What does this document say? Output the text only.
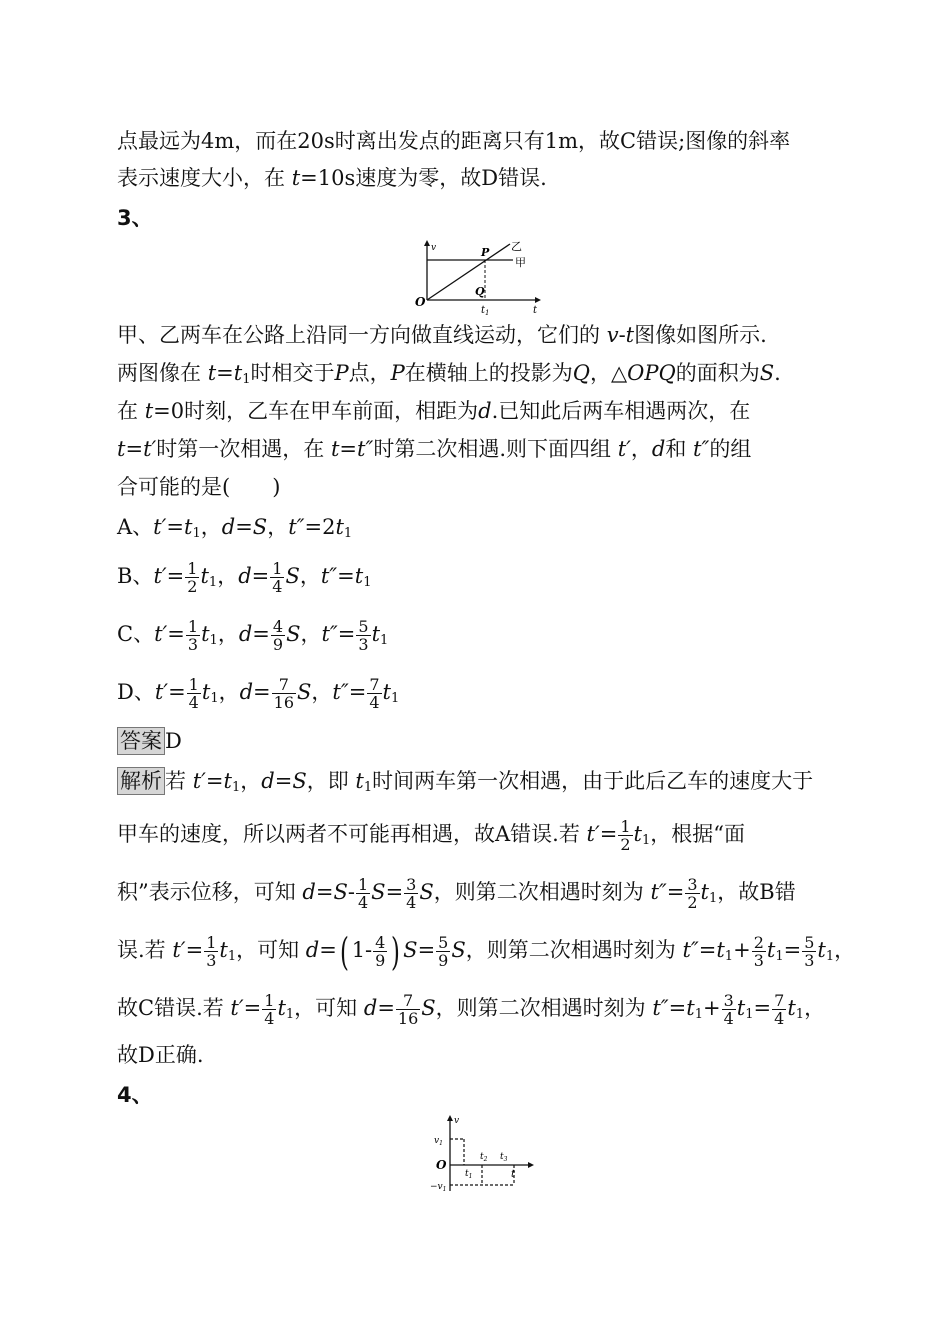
点最远为4m，而在20s时离出发点的距离只有1m，故C错误;图像的斜率
表示速度大小，在 t=10s速度为零，故D错误.
3、
v
O
P
Q
$t_1$	t
乙
甲
甲、乙两车在公路上沿同一方向做直线运动，它们的 v-t图像如图所示.
两图像在 $t=t_1$时相交于P点，P在横轴上的投影为Q，△OPQ的面积为S.
在 t=0时刻，乙车在甲车前面，相距为d.已知此后两车相遇两次，在
t=t′时第一次相遇，在 t=t″时第二次相遇.则下面四组 t′，d和 t″的组
合可能的是(　　)
A、$t'=t_1$，d=S，$t''=2t_1$
B、$t'= \frac{1}{2} t_1$，$d= \frac{1}{4}$ S，$t''=t_1$
C、$t'= \frac{1}{3} t_1$，$d= \frac{4}{9}$ S，$t''= \frac{5}{3} t_1$
D、$t'= \frac{1}{4} t_1$，$d= \frac{7}{16}$ S，$t''= \frac{7}{4} t_1$
答案 D
解析 若 $t'=t_1$，d=S，即 $t_1$时间两车第一次相遇，由于此后乙车的速度大于
甲车的速度，所以两者不可能再相遇，故A错误.若 $t'= \frac{1}{2} t_1$，根据“面
积”表示位移，可知 $d=S- \frac{1}{4} S= \frac{3}{4}$ S，则第二次相遇时刻为 $t''= \frac{3}{2} t_1$，故B错
误.若 $t'= \frac{1}{3} t_1$，可知 d=( $1- \frac{4}{9}$ ) $S= \frac{5}{9}$ S，则第二次相遇时刻为 $t''=t_1+ \frac{2}{3} t_1= \frac{5}{3} t_1$，
故C错误.若 $t'= \frac{1}{4} t_1$，可知 $d= \frac{7}{16}$ S，则第二次相遇时刻为 $t''=t_1+ \frac{3}{4} t_1= \frac{7}{4} t_1$，
故D正确.
4、
v
$v_1$
O
$-v_1$
$t_1$
$t_2$ $t_3$
t
